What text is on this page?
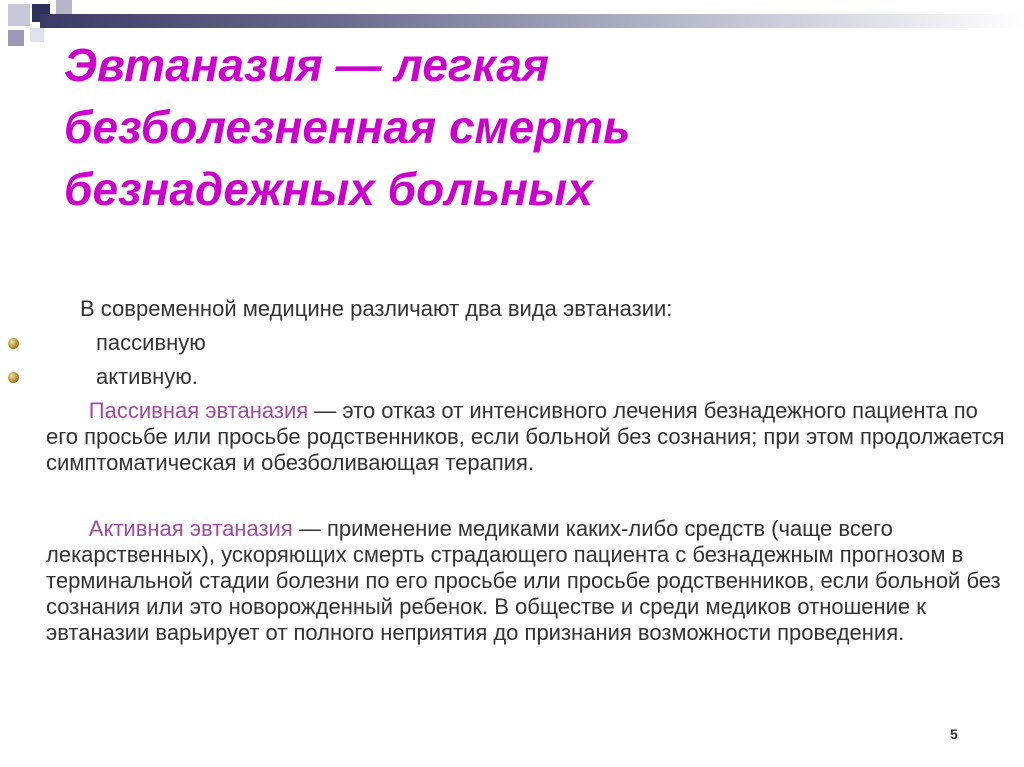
Эвтаназия — легкая
безболезненная смерть
безнадежных больных
В современной медицине различают два вида эвтаназии:
пассивную
активную.

Пассивная эвтаназия — это отказ от интенсивного лечения безнадежного пациента по его просьбе или просьбе родственников, если больной без сознания; при этом продолжается симптоматическая и обезболивающая терапия.

Активная эвтаназия — применение медиками каких-либо средств (чаще всего лекарственных), ускоряющих смерть страдающего пациента с безнадежным прогнозом в терминальной стадии болезни по его просьбе или просьбе родственников, если больной без сознания или это новорожденный ребенок. В обществе и среди медиков отношение к эвтаназии варьирует от полного неприятия до признания возможности проведения.

5
